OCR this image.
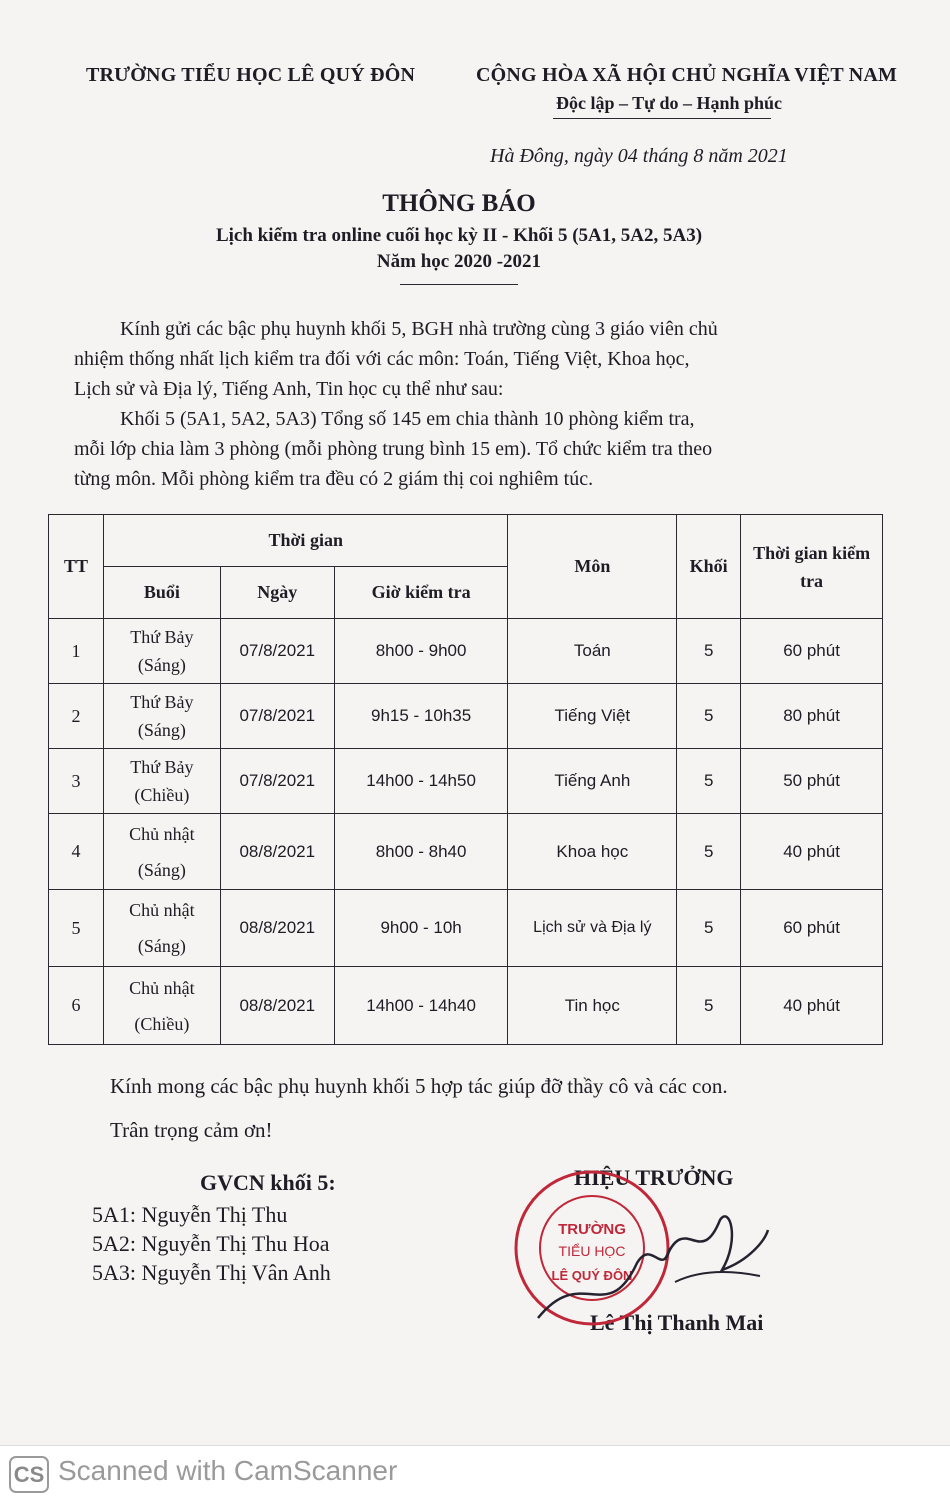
TRƯỜNG TIỂU HỌC LÊ QUÝ ĐÔN	CỘNG HÒA XÃ HỘI CHỦ NGHĨA VIỆT NAM
Độc lập – Tự do – Hạnh phúc
Hà Đông, ngày 04 tháng 8 năm 2021
THÔNG BÁO
Lịch kiểm tra online cuối học kỳ II - Khối 5 (5A1, 5A2, 5A3)
Năm học 2020 -2021
Kính gửi các bậc phụ huynh khối 5, BGH nhà trường cùng 3 giáo viên chủ
nhiệm thống nhất lịch kiểm tra đối với các môn: Toán, Tiếng Việt, Khoa học,
Lịch sử và Địa lý, Tiếng Anh, Tin học cụ thể như sau:
Khối 5 (5A1, 5A2, 5A3) Tổng số 145 em chia thành 10 phòng kiểm tra,
mỗi lớp chia làm 3 phòng (mỗi phòng trung bình 15 em). Tổ chức kiểm tra theo
từng môn. Mỗi phòng kiểm tra đều có 2 giám thị coi nghiêm túc.
TT	Thời gian			Môn	Khối	Thời gian kiểm tra
	Buổi	Ngày	Giờ kiểm tra			
1	Thứ Bảy
(Sáng)	07/8/2021	8h00 - 9h00	Toán	5	60 phút
2	Thứ Bảy
(Sáng)	07/8/2021	9h15 - 10h35	Tiếng Việt	5	80 phút
3	Thứ Bảy
(Chiều)	07/8/2021	14h00 - 14h50	Tiếng Anh	5	50 phút
4	Chủ nhật
(Sáng)	08/8/2021	8h00 - 8h40	Khoa học	5	40 phút
5	Chủ nhật
(Sáng)	08/8/2021	9h00 - 10h	Lịch sử và Địa lý	5	60 phút
6	Chủ nhật
(Chiều)	08/8/2021	14h00 - 14h40	Tin học	5	40 phút
Kính mong các bậc phụ huynh khối 5 hợp tác giúp đỡ thầy cô và các con.
Trân trọng cảm ơn!
GVCN khối 5:
5A1: Nguyễn Thị Thu
5A2: Nguyễn Thị Thu Hoa
5A3: Nguyễn Thị Vân Anh
HIỆU TRƯỞNG
Lê Thị Thanh Mai
TRƯỜNG
TIỂU HỌC
LÊ QUÝ ĐÔN
CS Scanned with CamScanner
